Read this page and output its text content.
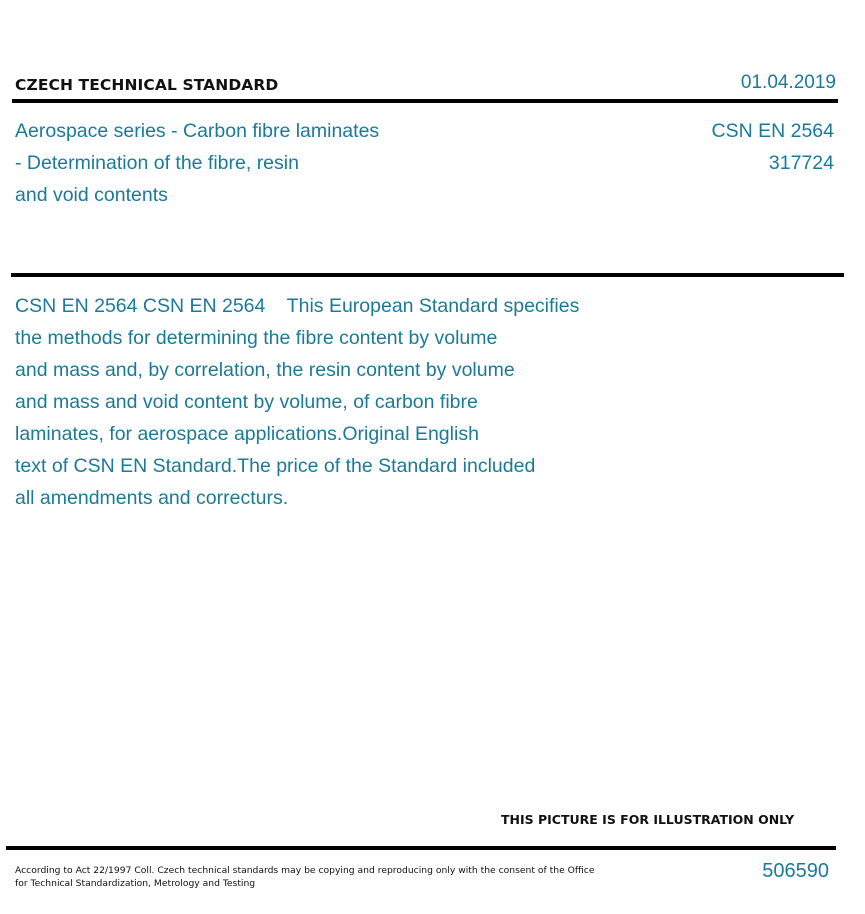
CZECH TECHNICAL STANDARD	01.04.2019
Aerospace series - Carbon fibre laminates
- Determination of the fibre, resin
and void contents
CSN EN 2564
317724
CSN EN 2564 CSN EN 2564    This European Standard specifies
the methods for determining the fibre content by volume
and mass and, by correlation, the resin content by volume
and mass and void content by volume, of carbon fibre
laminates, for aerospace applications.Original English
text of CSN EN Standard.The price of the Standard included
all amendments and correcturs.
THIS PICTURE IS FOR ILLUSTRATION ONLY
According to Act 22/1997 Coll. Czech technical standards may be copying and reproducing only with the consent of the Office
for Technical Standardization, Metrology and Testing
506590
